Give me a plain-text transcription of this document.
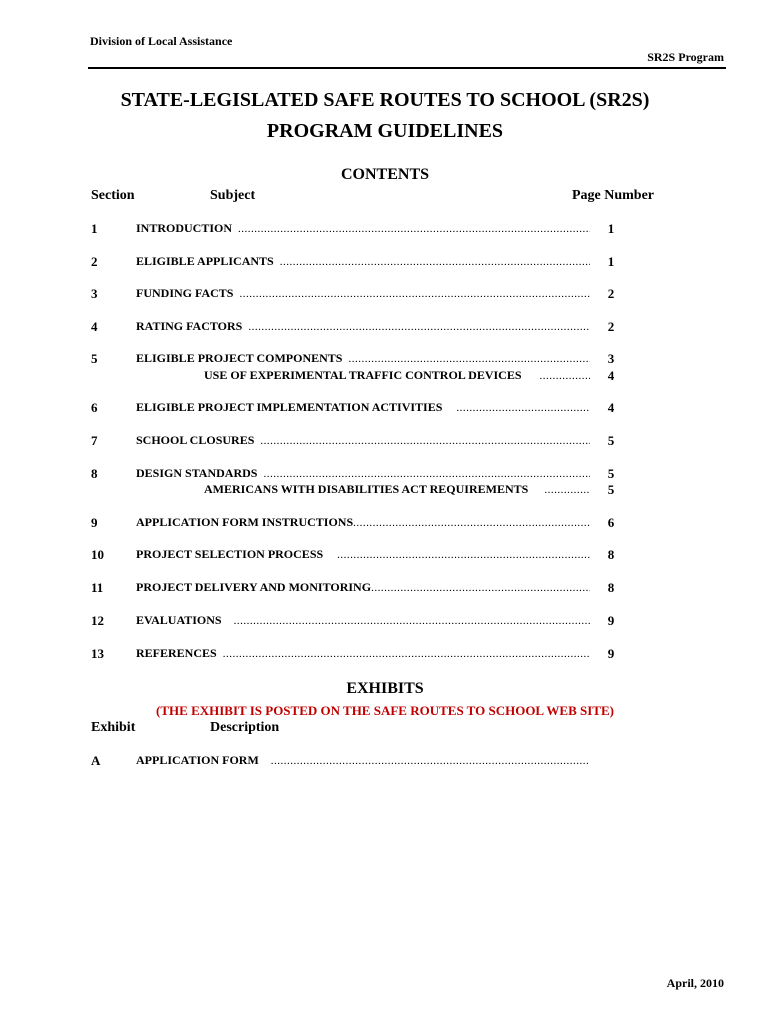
Division of Local Assistance
SR2S Program
STATE-LEGISLATED SAFE ROUTES TO SCHOOL (SR2S)
PROGRAM GUIDELINES
CONTENTS
Section	Subject	Page Number
1	INTRODUCTION .....	1
2	ELIGIBLE APPLICANTS .....	1
3	FUNDING FACTS .....	2
4	RATING FACTORS .....	2
5	ELIGIBLE PROJECT COMPONENTS .....	3
USE OF EXPERIMENTAL TRAFFIC CONTROL DEVICES .....	4
6	ELIGIBLE PROJECT IMPLEMENTATION ACTIVITIES .....	4
7	SCHOOL CLOSURES .....	5
8	DESIGN STANDARDS .....	5
AMERICANS WITH DISABILITIES ACT REQUIREMENTS .....	5
9	APPLICATION FORM INSTRUCTIONS .....	6
10	PROJECT SELECTION PROCESS .....	8
11	PROJECT DELIVERY AND MONITORING .....	8
12	EVALUATIONS .....	9
13	REFERENCES .....	9
EXHIBITS
(THE EXHIBIT IS POSTED ON THE SAFE ROUTES TO SCHOOL WEB SITE)
Exhibit	Description
A	APPLICATION FORM
.....
April, 2010
